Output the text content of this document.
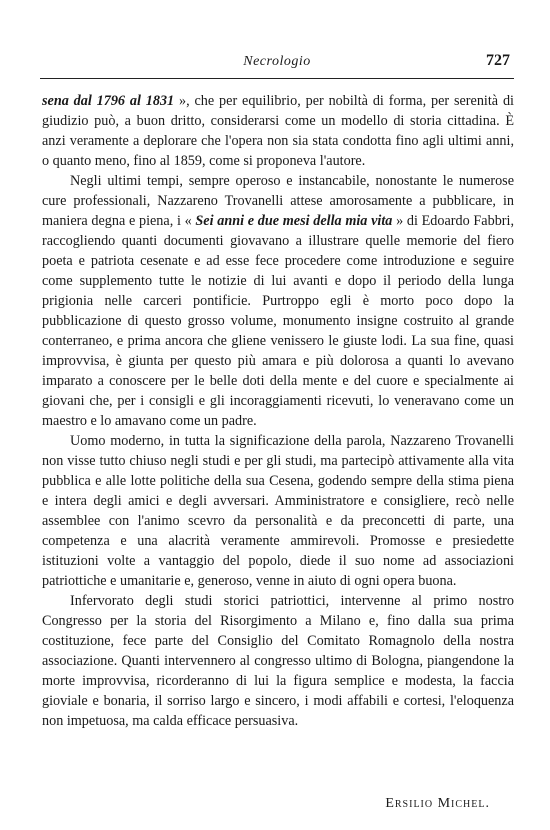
Necrologio	727

sena dal 1796 al 1831 », che per equilibrio, per nobiltà di forma, per serenità di giudizio può, a buon dritto, considerarsi come un modello di storia cittadina. È anzi veramente a deplorare che l'opera non sia stata condotta fino agli ultimi anni, o quanto meno, fino al 1859, come si proponeva l'autore.

Negli ultimi tempi, sempre operoso e instancabile, nonostante le numerose cure professionali, Nazzareno Trovanelli attese amorosamente a pubblicare, in maniera degna e piena, i « Sei anni e due mesi della mia vita » di Edoardo Fabbri, raccogliendo quanti documenti giovavano a illustrare quelle memorie del fiero poeta e patriota cesenate e ad esse fece procedere come introduzione e seguire come supplemento tutte le notizie di lui avanti e dopo il periodo della lunga prigionia nelle carceri pontificie. Purtroppo egli è morto poco dopo la pubblicazione di questo grosso volume, monumento insigne costruito al grande conterraneo, e prima ancora che gliene venissero le giuste lodi. La sua fine, quasi improvvisa, è giunta per questo più amara e più dolorosa a quanti lo avevano imparato a conoscere per le belle doti della mente e del cuore e specialmente ai giovani che, per i consigli e gli incoraggiamenti ricevuti, lo veneravano come un maestro e lo amavano come un padre.

Uomo moderno, in tutta la significazione della parola, Nazzareno Trovanelli non visse tutto chiuso negli studi e per gli studi, ma partecipò attivamente alla vita pubblica e alle lotte politiche della sua Cesena, godendo sempre della stima piena e intera degli amici e degli avversari. Amministratore e consigliere, recò nelle assemblee con l'animo scevro da personalità e da preconcetti di parte, una competenza e una alacrità veramente ammirevoli. Promosse e presiedette istituzioni volte a vantaggio del popolo, diede il suo nome ad associazioni patriottiche e umanitarie e, generoso, venne in aiuto di ogni opera buona.

Infervorato degli studi storici patriottici, intervenne al primo nostro Congresso per la storia del Risorgimento a Milano e, fino dalla sua prima costituzione, fece parte del Consiglio del Comitato Romagnolo della nostra associazione. Quanti intervennero al congresso ultimo di Bologna, piangendone la morte improvvisa, ricorderanno di lui la figura semplice e modesta, la faccia gioviale e bonaria, il sorriso largo e sincero, i modi affabili e cortesi, l'eloquenza non impetuosa, ma calda efficace persuasiva.

Ersilio Michel.
